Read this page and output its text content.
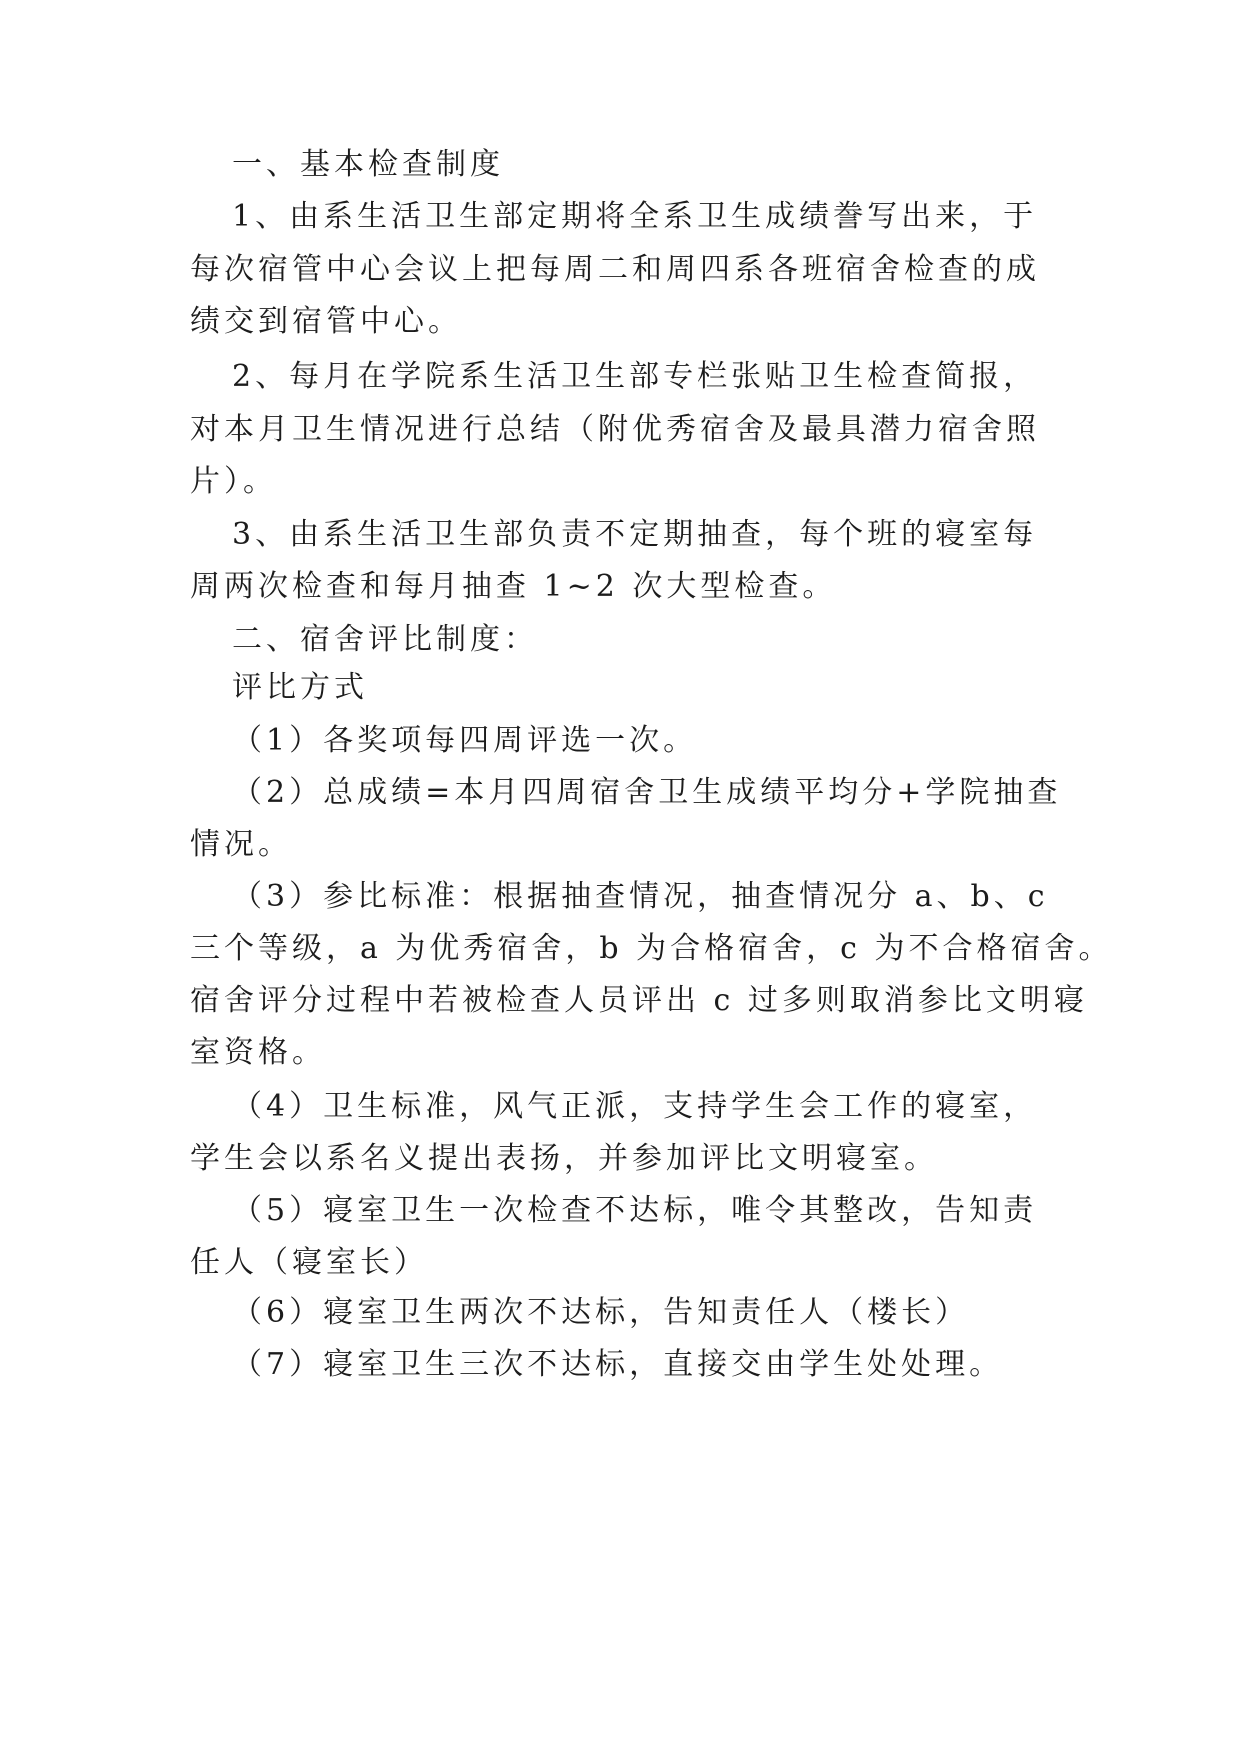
一、基本检查制度
1、由系生活卫生部定期将全系卫生成绩誊写出来，于
每次宿管中心会议上把每周二和周四系各班宿舍检查的成
绩交到宿管中心。
2、每月在学院系生活卫生部专栏张贴卫生检查简报，
对本月卫生情况进行总结（附优秀宿舍及最具潜力宿舍照
片）。
3、由系生活卫生部负责不定期抽查，每个班的寝室每
周两次检查和每月抽查 1~2 次大型检查。
二、宿舍评比制度：
评比方式
（1）各奖项每四周评选一次。
（2）总成绩=本月四周宿舍卫生成绩平均分+学院抽查
情况。
（3）参比标准：根据抽查情况，抽查情况分 a、b、c
三个等级，a 为优秀宿舍，b 为合格宿舍，c 为不合格宿舍。
宿舍评分过程中若被检查人员评出 c 过多则取消参比文明寝
室资格。
（4）卫生标准，风气正派，支持学生会工作的寝室，
学生会以系名义提出表扬，并参加评比文明寝室。
（5）寝室卫生一次检查不达标，唯令其整改，告知责
任人（寝室长）
（6）寝室卫生两次不达标，告知责任人（楼长）
（7）寝室卫生三次不达标，直接交由学生处处理。
